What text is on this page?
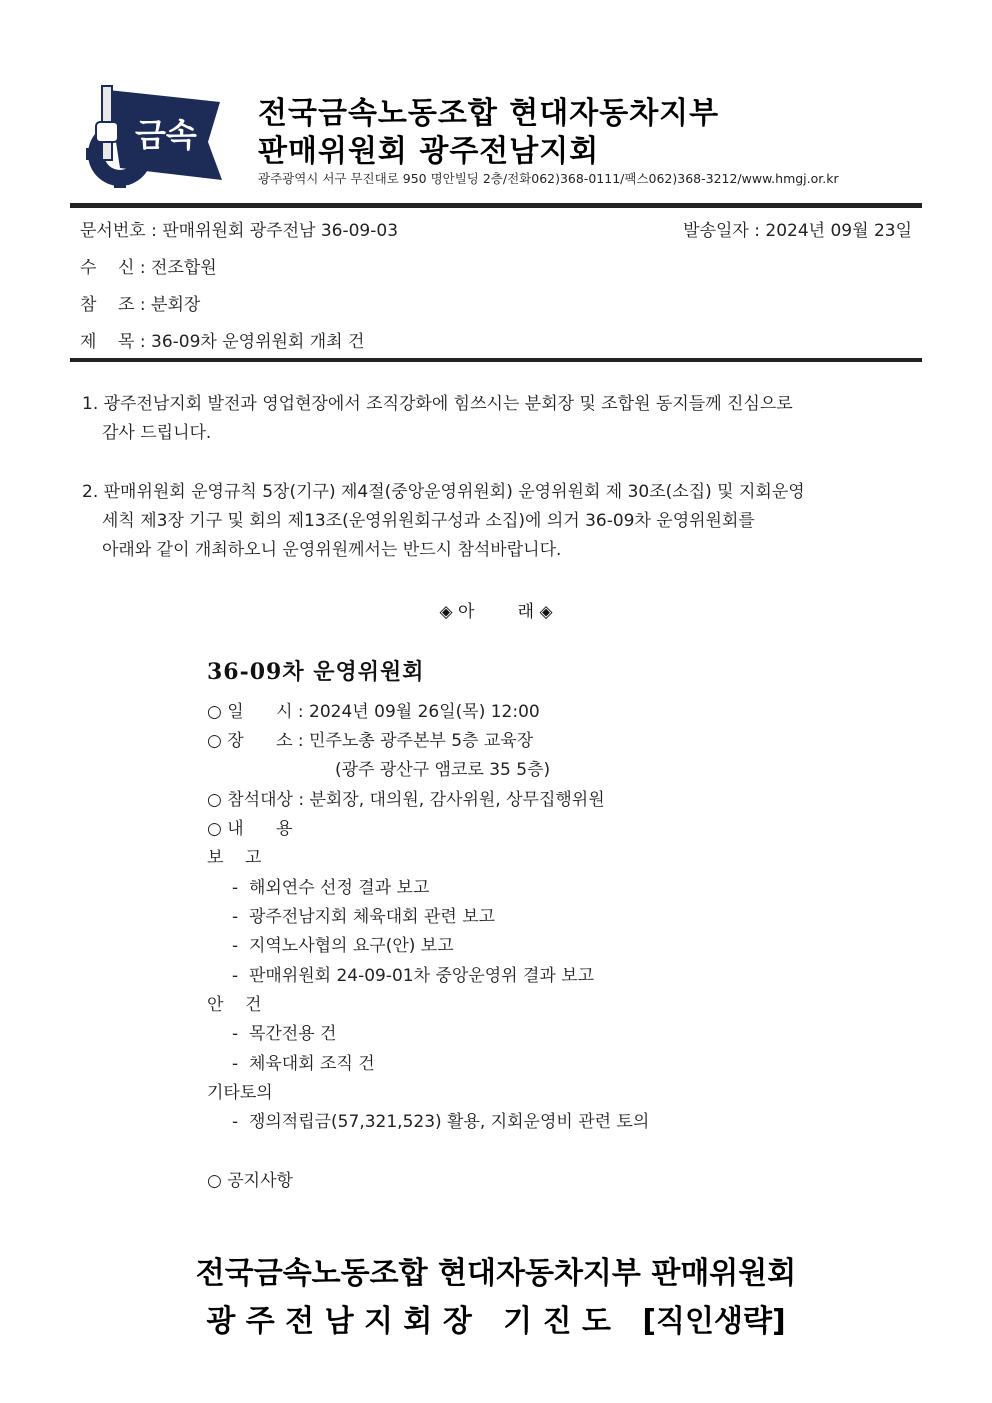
금속
전국금속노동조합 현대자동차지부
판매위원회 광주전남지회
광주광역시 서구 무진대로 950 명안빌딩 2층/전화062)368-0111/팩스062)368-3212/www.hmgj.or.kr
문서번호 : 판매위원회 광주전남 36-09-03	발송일자 : 2024년 09월 23일
수    신 : 전조합원
참    조 : 분회장
제    목 : 36-09차 운영위원회 개최 건
1. 광주전남지회 발전과 영업현장에서 조직강화에 힘쓰시는 분회장 및 조합원 동지들께 진심으로
감사 드립니다.
2. 판매위원회 운영규칙 5장(기구) 제4절(중앙운영위원회) 운영위원회 제 30조(소집) 및 지회운영
세칙 제3장 기구 및 회의 제13조(운영위원회구성과 소집)에 의거 36-09차 운영위원회를
아래와 같이 개최하오니 운영위원께서는 반드시 참석바랍니다.
◈ 아        래 ◈
36-09차 운영위원회
○ 일      시 : 2024년 09월 26일(목) 12:00
○ 장      소 : 민주노총 광주본부 5층 교육장
(광주 광산구 앰코로 35 5층)
○ 참석대상 : 분회장, 대의원, 감사위원, 상무집행위원
○ 내      용
보    고
-  해외연수 선정 결과 보고
-  광주전남지회 체육대회 관련 보고
-  지역노사협의 요구(안) 보고
-  판매위원회 24-09-01차 중앙운영위 결과 보고
안    건
-  목간전용 건
-  체육대회 조직 건
기타토의
-  쟁의적립금(57,321,523) 활용, 지회운영비 관련 토의
○ 공지사항
전국금속노동조합 현대자동차지부 판매위원회
광 주 전 남 지 회 장   기 진 도   [직인생략]
